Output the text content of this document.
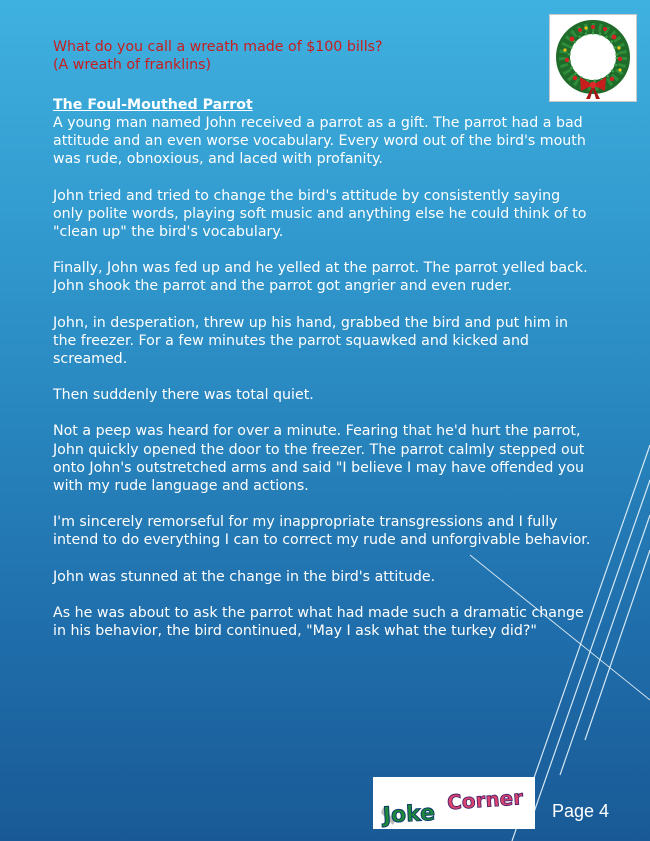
What do you call a wreath made of $100 bills?

(A wreath of franklins)

The Foul-Mouthed Parrot

A young man named John received a parrot as a gift. The parrot had a bad attitude and an even worse vocabulary. Every word out of the bird's mouth was rude, obnoxious, and laced with profanity.

John tried and tried to change the bird's attitude by consistently saying only polite words, playing soft music and anything else he could think of to "clean up" the bird's vocabulary.

Finally, John was fed up and he yelled at the parrot. The parrot yelled back. John shook the parrot and the parrot got angrier and even ruder.

John, in desperation, threw up his hand, grabbed the bird and put him in the freezer. For a few minutes the parrot squawked and kicked and screamed.

Then suddenly there was total quiet.

Not a peep was heard for over a minute. Fearing that he'd hurt the parrot, John quickly opened the door to the freezer. The parrot calmly stepped out onto John's outstretched arms and said "I believe I may have offended you with my rude language and actions.

I'm sincerely remorseful for my inappropriate transgressions and I fully intend to do everything I can to correct my rude and unforgivable behavior.

John was stunned at the change in the bird's attitude.

As he was about to ask the parrot what had made such a dramatic change in his behavior, the bird continued, "May I ask what the turkey did?"

Joke
Corner Page 4
